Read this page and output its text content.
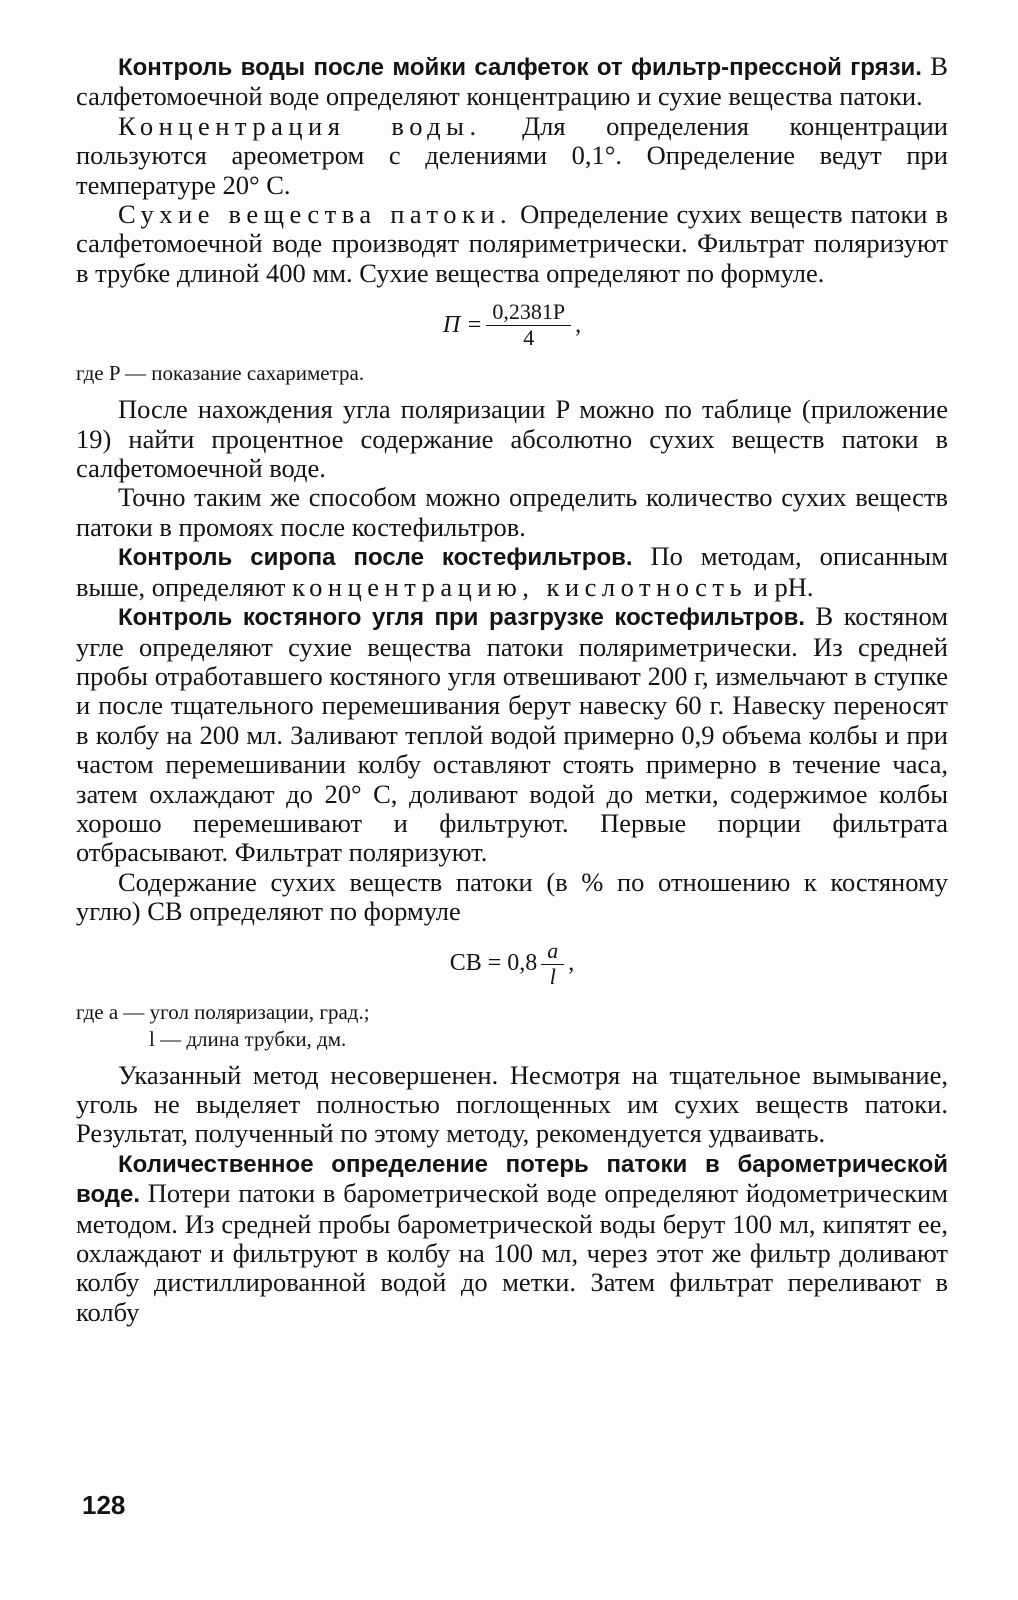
Контроль воды после мойки салфеток от фильтр-прессной грязи. В салфетомоечной воде определяют концентрацию и сухие вещества патоки.

Концентрация воды. Для определения концентрации пользуются ареометром с делениями 0,1°. Определение ведут при температуре 20° С.

Сухие вещества патоки. Определение сухих веществ патоки в салфетомоечной воде производят поляриметрически. Фильтрат поляризуют в трубке длиной 400 мм. Сухие вещества определяют по формуле.

$П = \frac{0,2381P}{4}$ ,

где P — показание сахариметра.

После нахождения угла поляризации P можно по таблице (приложение 19) найти процентное содержание абсолютно сухих веществ патоки в салфетомоечной воде.

Точно таким же способом можно определить количество сухих веществ патоки в промоях после костефильтров.

Контроль сиропа после костефильтров. По методам, описанным выше, определяют концентрацию, кислотность и pH.

Контроль костяного угля при разгрузке костефильтров. В костяном угле определяют сухие вещества патоки поляриметрически. Из средней пробы отработавшего костяного угля отвешивают 200 г, измельчают в ступке и после тщательного перемешивания берут навеску 60 г. Навеску переносят в колбу на 200 мл. Заливают теплой водой примерно 0,9 объема колбы и при частом перемешивании колбу оставляют стоять примерно в течение часа, затем охлаждают до 20° С, доливают водой до метки, содержимое колбы хорошо перемешивают и фильтруют. Первые порции фильтрата отбрасывают. Фильтрат поляризуют.

Содержание сухих веществ патоки (в % по отношению к костяному углю) СВ определяют по формуле

СВ = $0,8 \frac{a}{l}$ ,
где a — угол поляризации, град.;
l — длина трубки, дм.

Указанный метод несовершенен. Несмотря на тщательное вымывание, уголь не выделяет полностью поглощенных им сухих веществ патоки. Результат, полученный по этому методу, рекомендуется удваивать.

Количественное определение потерь патоки в барометрической воде. Потери патоки в барометрической воде определяют йодометрическим методом. Из средней пробы барометрической воды берут 100 мл, кипятят ее, охлаждают и фильтруют в колбу на 100 мл, через этот же фильтр доливают колбу дистиллированной водой до метки. Затем фильтрат переливают в колбу

128
